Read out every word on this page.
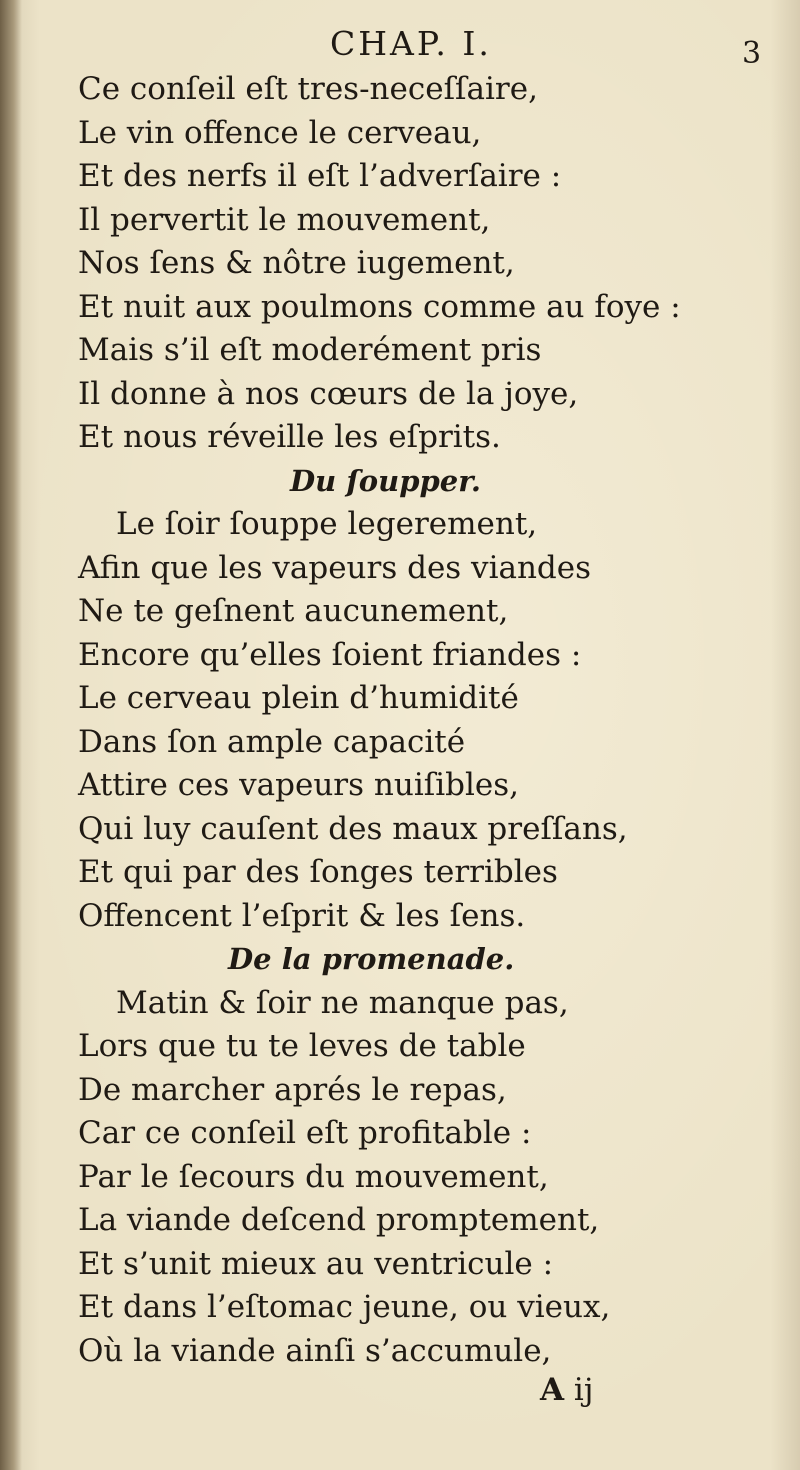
CHAP. I.	3
Ce conſeil eſt tres-neceſſaire,
Le vin offence le cerveau,
Et des nerfs il eſt l’adverſaire :
Il pervertit le mouvement,
Nos ſens & nôtre iugement,
Et nuit aux poulmons comme au foye :
Mais s’il eſt moderément pris
Il donne à nos cœurs de la joye,
Et nous réveille les eſprits.
Du ſoupper.
Le ſoir ſouppe legerement,
Afin que les vapeurs des viandes
Ne te geſnent aucunement,
Encore qu’elles ſoient friandes :
Le cerveau plein d’humidité
Dans ſon ample capacité
Attire ces vapeurs nuiſibles,
Qui luy cauſent des maux preſſans,
Et qui par des ſonges terribles
Offencent l’eſprit & les ſens.
De la promenade.
Matin & ſoir ne manque pas,
Lors que tu te leves de table
De marcher aprés le repas,
Car ce conſeil eſt profitable :
Par le ſecours du mouvement,
La viande deſcend promptement,
Et s’unit mieux au ventricule :
Et dans l’eſtomac jeune, ou vieux,
Où la viande ainſi s’accumule,
A ij
